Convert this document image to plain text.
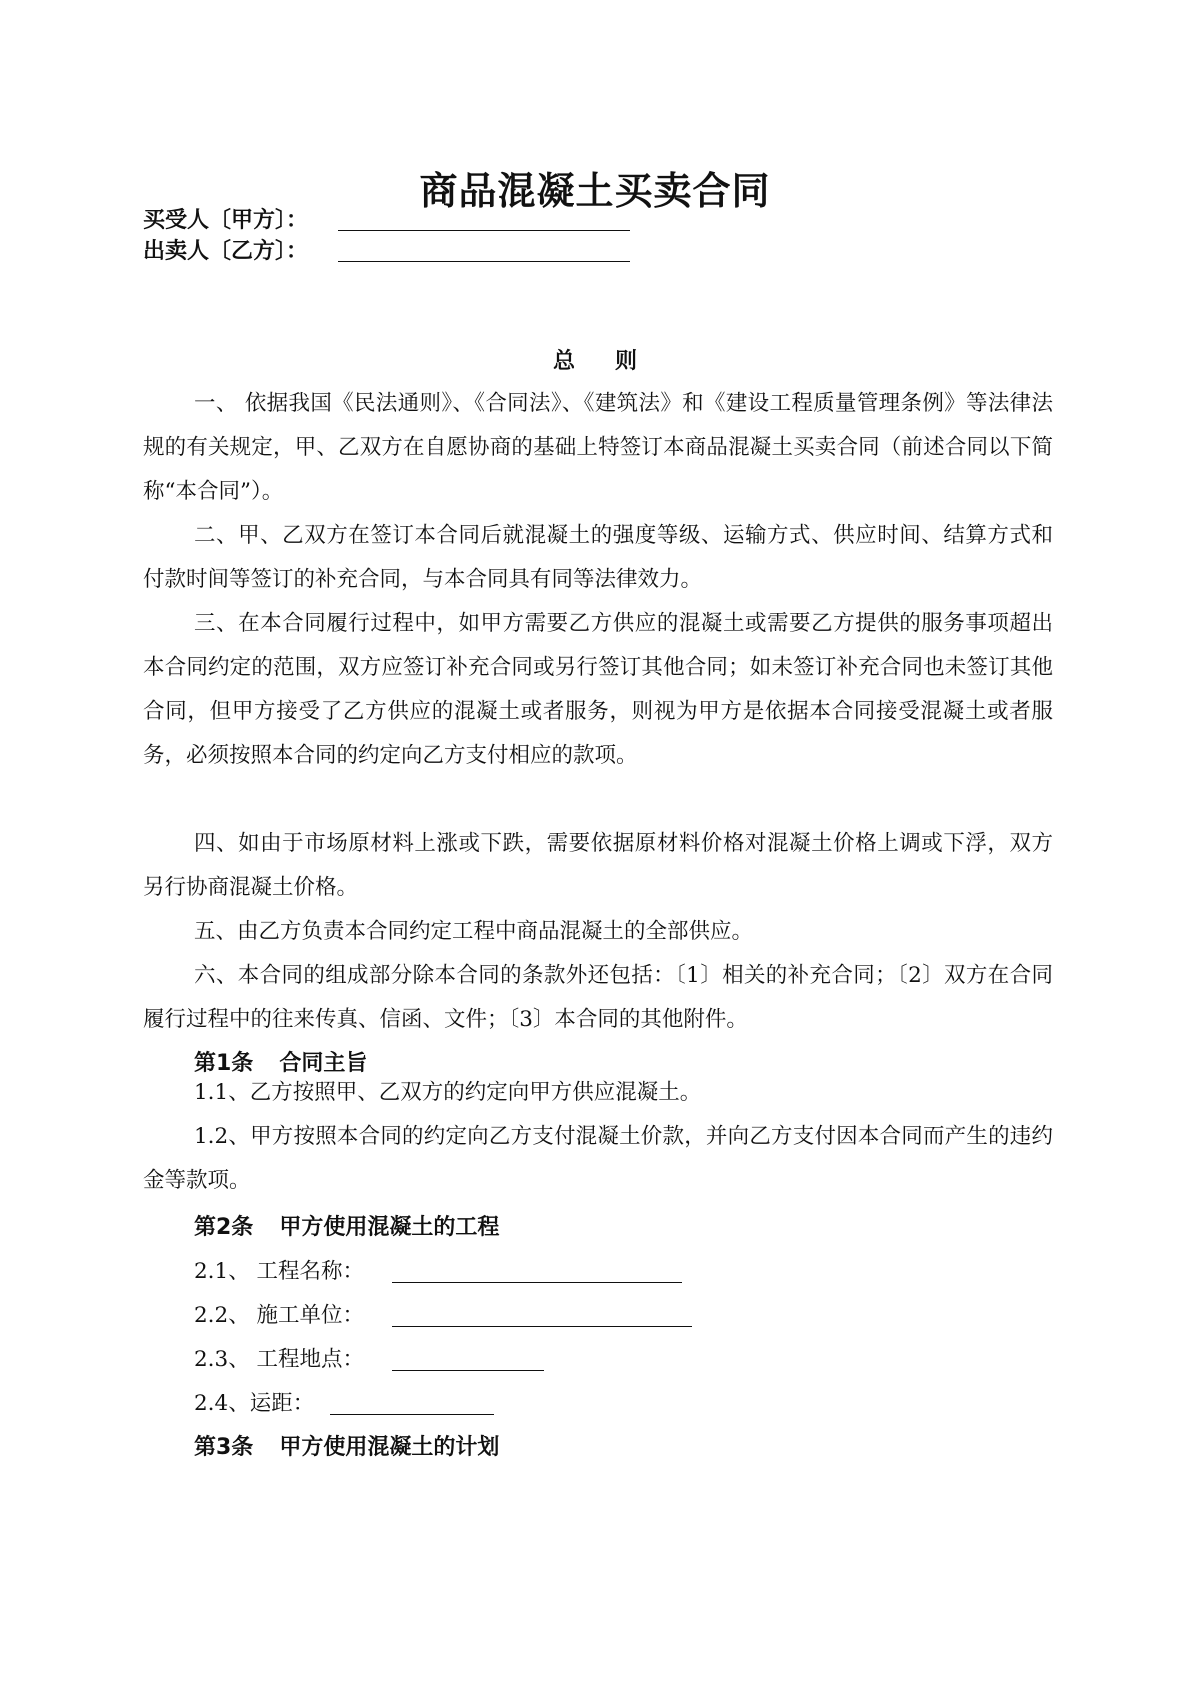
商品混凝土买卖合同
买受人〔甲方〕：
出卖人〔乙方〕：
总则
一、 依据我国《民法通则》、《合同法》、《建筑法》和《建设工程质量管理条例》等法律法规的有关规定，甲、乙双方在自愿协商的基础上特签订本商品混凝土买卖合同（前述合同以下简称“本合同”）。
二、甲、乙双方在签订本合同后就混凝土的强度等级、运输方式、供应时间、结算方式和付款时间等签订的补充合同，与本合同具有同等法律效力。
三、在本合同履行过程中，如甲方需要乙方供应的混凝土或需要乙方提供的服务事项超出本合同约定的范围，双方应签订补充合同或另行签订其他合同；如未签订补充合同也未签订其他合同，但甲方接受了乙方供应的混凝土或者服务，则视为甲方是依据本合同接受混凝土或者服务，必须按照本合同的约定向乙方支付相应的款项。
四、如由于市场原材料上涨或下跌，需要依据原材料价格对混凝土价格上调或下浮，双方另行协商混凝土价格。
五、由乙方负责本合同约定工程中商品混凝土的全部供应。
六、本合同的组成部分除本合同的条款外还包括：〔1〕相关的补充合同；〔2〕双方在合同履行过程中的往来传真、信函、文件；〔3〕本合同的其他附件。
第1条 合同主旨
1.1、乙方按照甲、乙双方的约定向甲方供应混凝土。
1.2、甲方按照本合同的约定向乙方支付混凝土价款，并向乙方支付因本合同而产生的违约金等款项。
第2条 甲方使用混凝土的工程
2.1、 工程名称：
2.2、 施工单位：
2.3、 工程地点：
2.4、运距：
第3条 甲方使用混凝土的计划
